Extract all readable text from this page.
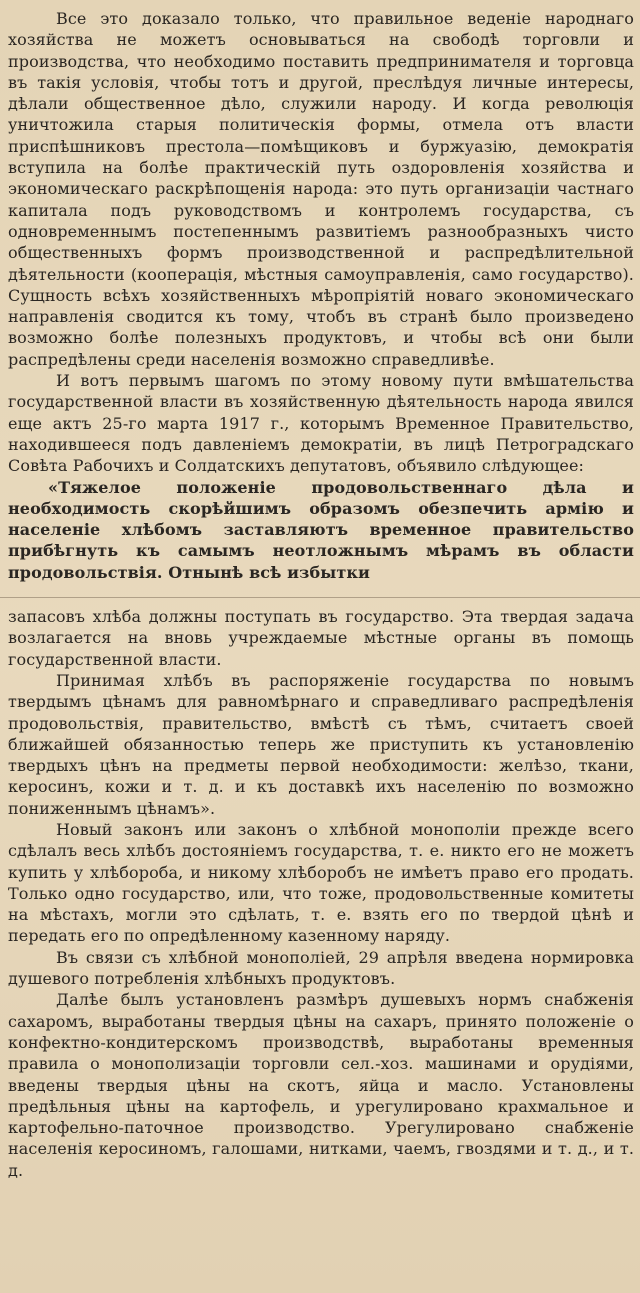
Все это доказало только, что правильное веденіе народнаго хозяйства не можетъ основываться на свободѣ торговли и производства, что необходимо поставить предпринимателя и торговца въ такія условія, чтобы тотъ и другой, преслѣдуя личные интересы, дѣлали общественное дѣло, служили народу. И когда революція уничтожила старыя политическія формы, отмела отъ власти приспѣшниковъ престола—помѣщиковъ и буржуазію, демократія вступила на болѣе практическій путь оздоровленія хозяйства и экономическаго раскрѣпощенія народа: это путь организаціи частнаго капитала подъ руководствомъ и контролемъ государства, съ одновременнымъ постепеннымъ развитіемъ разнообразныхъ чисто общественныхъ формъ производственной и распредѣлительной дѣятельности (кооперація, мѣстныя самоуправленія, само государство). Сущность всѣхъ хозяйственныхъ мѣропріятій новаго экономическаго направленія сводится къ тому, чтобъ въ странѣ было произведено возможно болѣе полезныхъ продуктовъ, и чтобы всѣ они были распредѣлены среди населенія возможно справедливѣе.

И вотъ первымъ шагомъ по этому новому пути вмѣшательства государственной власти въ хозяйственную дѣятельность народа явился еще актъ 25-го марта 1917 г., которымъ Временное Правительство, находившееся подъ давленіемъ демократіи, въ лицѣ Петроградскаго Совѣта Рабочихъ и Солдатскихъ депутатовъ, объявило слѣдующее:

«Тяжелое положеніе продовольственнаго дѣла и необходимость скорѣйшимъ образомъ обезпечить армію и населеніе хлѣбомъ заставляютъ временное правительство прибѣгнуть къ самымъ неотложнымъ мѣрамъ въ области продовольствія. Отнынѣ всѣ избытки

запасовъ хлѣба должны поступать въ государство. Эта твердая задача возлагается на вновь учреждаемые мѣстные органы въ помощь государственной власти.

Принимая хлѣбъ въ распоряженіе государства по новымъ твердымъ цѣнамъ для равномѣрнаго и справедливаго распредѣленія продовольствія, правительство, вмѣстѣ съ тѣмъ, считаетъ своей ближайшей обязанностью теперь же приступить къ установленію твердыхъ цѣнъ на предметы первой необходимости: желѣзо, ткани, керосинъ, кожи и т. д. и къ доставкѣ ихъ населенію по возможно пониженнымъ цѣнамъ».

Новый законъ или законъ о хлѣбной монополіи прежде всего сдѣлалъ весь хлѣбъ достояніемъ государства, т. е. никто его не можетъ купить у хлѣбороба, и никому хлѣборобъ не имѣетъ право его продать. Только одно государство, или, что тоже, продовольственные комитеты на мѣстахъ, могли это сдѣлать, т. е. взять его по твердой цѣнѣ и передать его по опредѣленному казенному наряду.

Въ связи съ хлѣбной монополіей, 29 апрѣля введена нормировка душевого потребленія хлѣбныхъ продуктовъ.

Далѣе былъ установленъ размѣръ душевыхъ нормъ снабженія сахаромъ, выработаны твердыя цѣны на сахаръ, принято положеніе о конфектно-кондитерскомъ производствѣ, выработаны временныя правила о монополизаціи торговли сел.-хоз. машинами и орудіями, введены твердыя цѣны на скотъ, яйца и масло. Установлены предѣльныя цѣны на картофель, и урегулировано крахмальное и картофельно-паточное производство. Урегулировано снабженіе населенія керосиномъ, галошами, нитками, чаемъ, гвоздями и т. д., и т. д.
